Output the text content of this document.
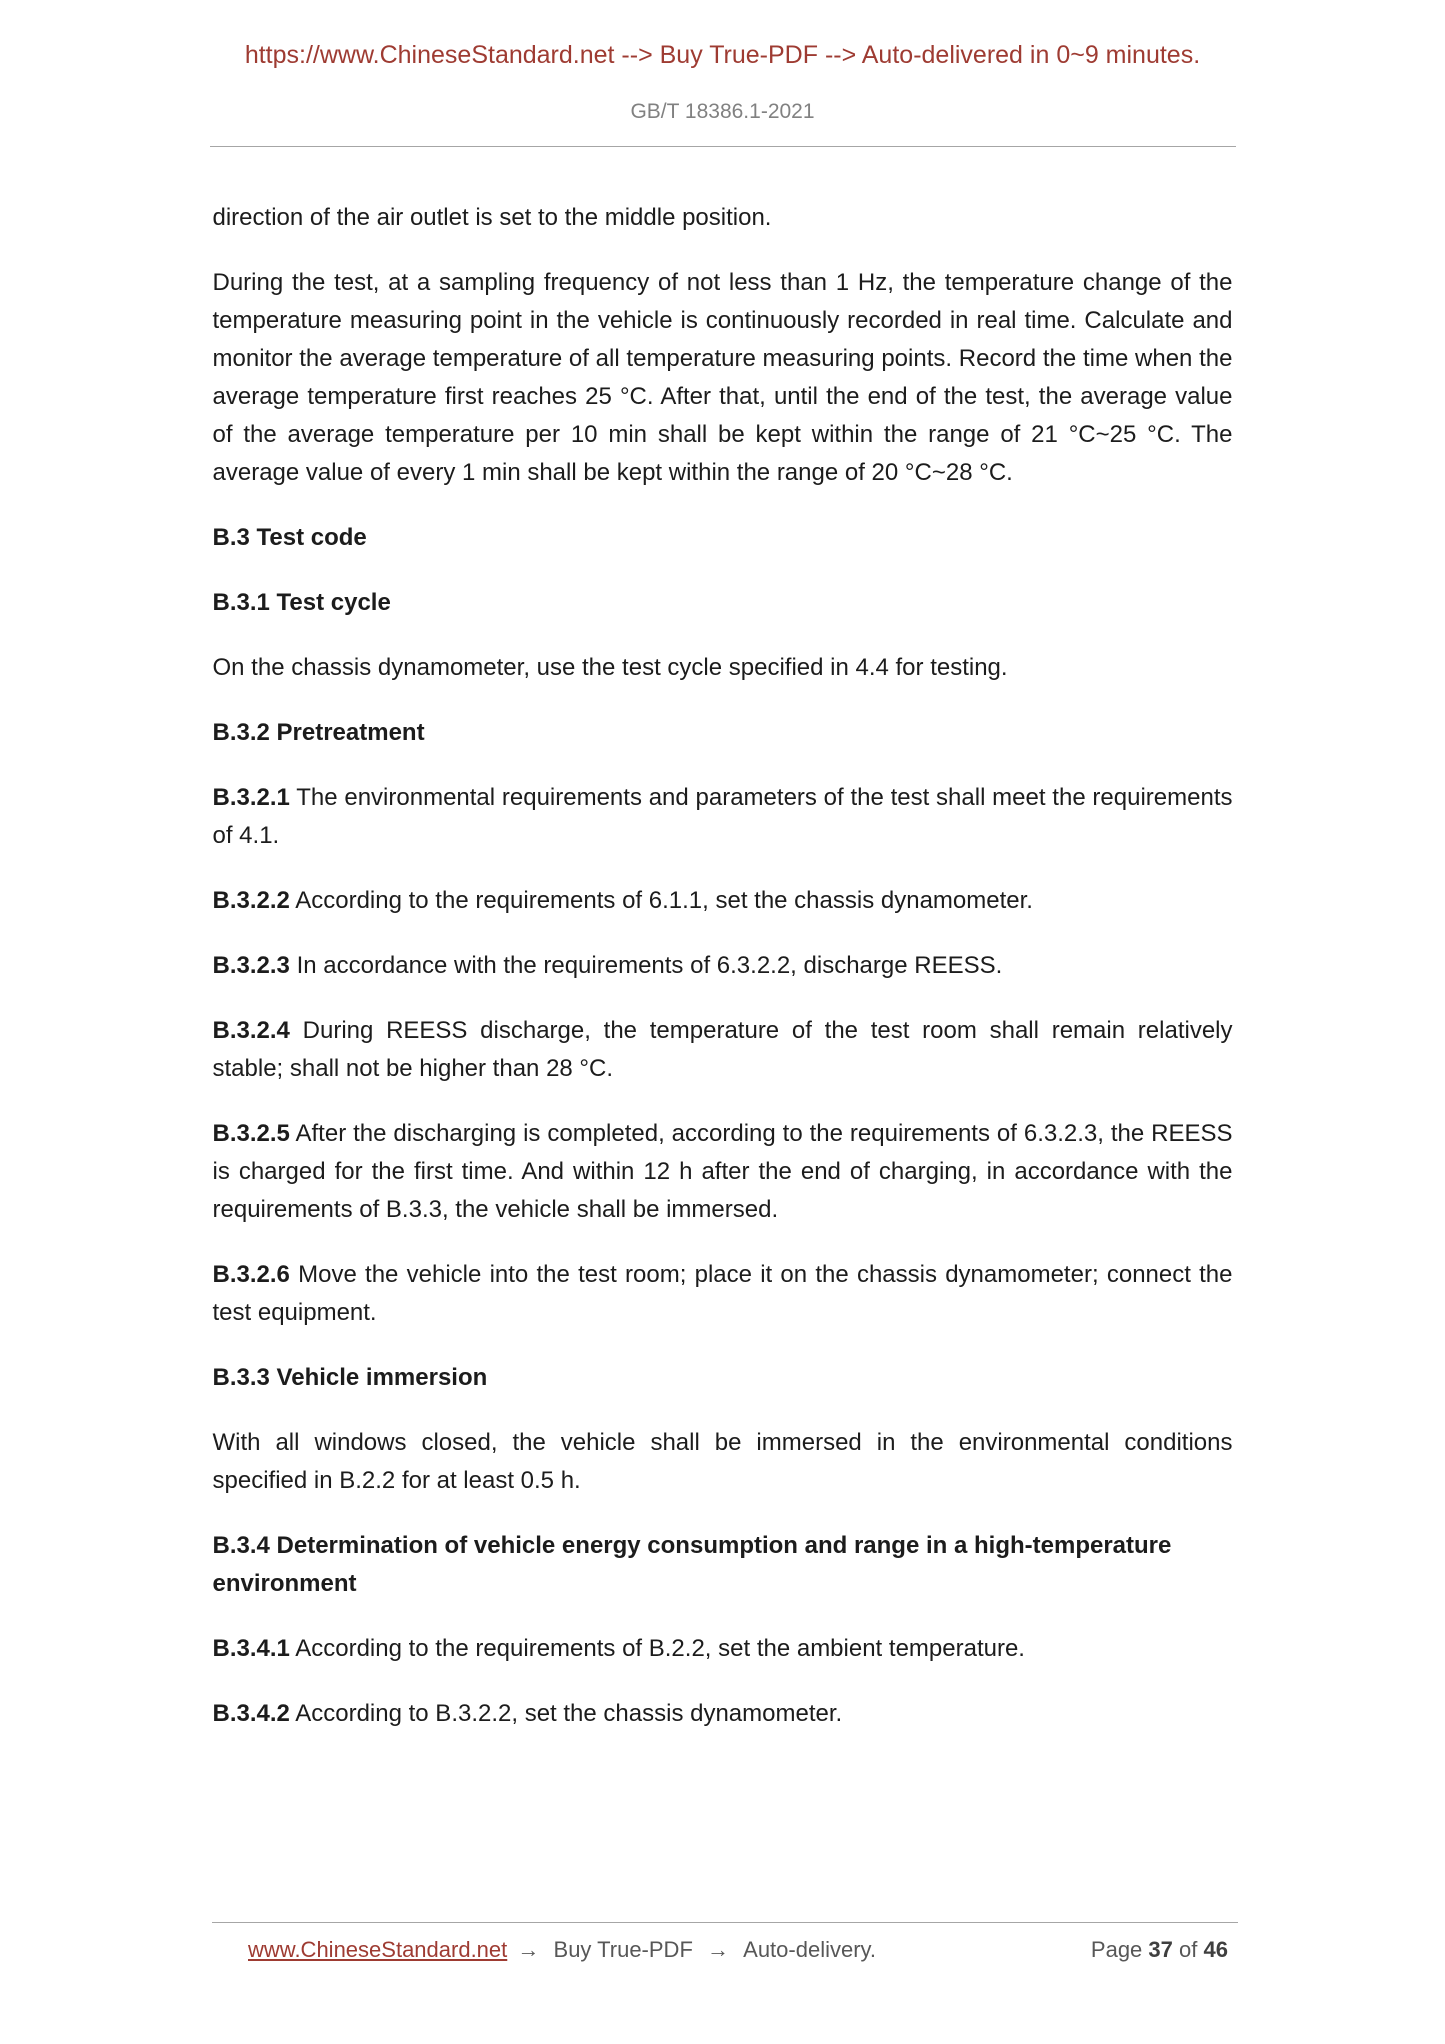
https://www.ChineseStandard.net --> Buy True-PDF --> Auto-delivered in 0~9 minutes.
GB/T 18386.1-2021

direction of the air outlet is set to the middle position.

During the test, at a sampling frequency of not less than 1 Hz, the temperature change of the temperature measuring point in the vehicle is continuously recorded in real time. Calculate and monitor the average temperature of all temperature measuring points. Record the time when the average temperature first reaches 25 °C. After that, until the end of the test, the average value of the average temperature per 10 min shall be kept within the range of 21 °C~25 °C. The average value of every 1 min shall be kept within the range of 20 °C~28 °C.

B.3 Test code
B.3.1 Test cycle

On the chassis dynamometer, use the test cycle specified in 4.4 for testing.

B.3.2 Pretreatment

B.3.2.1 The environmental requirements and parameters of the test shall meet the requirements of 4.1.

B.3.2.2 According to the requirements of 6.1.1, set the chassis dynamometer.

B.3.2.3 In accordance with the requirements of 6.3.2.2, discharge REESS.

B.3.2.4 During REESS discharge, the temperature of the test room shall remain relatively stable; shall not be higher than 28 °C.

B.3.2.5 After the discharging is completed, according to the requirements of 6.3.2.3, the REESS is charged for the first time. And within 12 h after the end of charging, in accordance with the requirements of B.3.3, the vehicle shall be immersed.

B.3.2.6 Move the vehicle into the test room; place it on the chassis dynamometer; connect the test equipment.

B.3.3 Vehicle immersion

With all windows closed, the vehicle shall be immersed in the environmental conditions specified in B.2.2 for at least 0.5 h.

B.3.4 Determination of vehicle energy consumption and range in a high-temperature environment

B.3.4.1 According to the requirements of B.2.2, set the ambient temperature.

B.3.4.2 According to B.3.2.2, set the chassis dynamometer.

www.ChineseStandard.net → Buy True-PDF → Auto-delivery.	Page 37 of 46
